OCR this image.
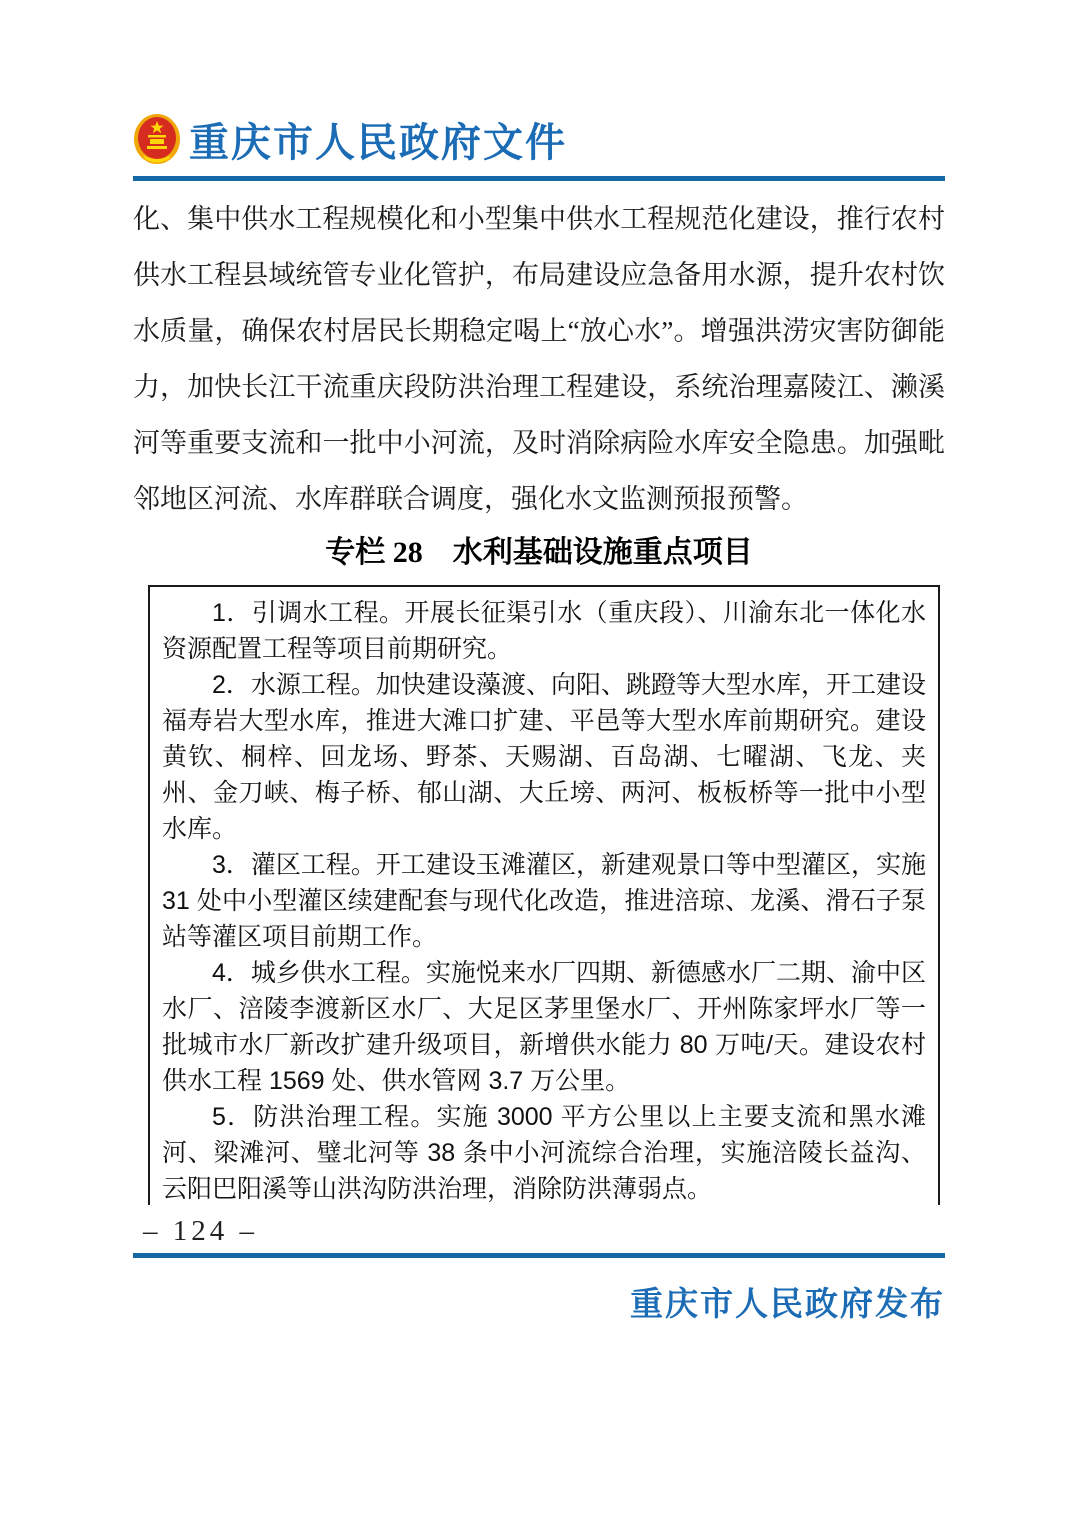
重庆市人民政府文件

化、集中供水工程规模化和小型集中供水工程规范化建设，推行农村供水工程县域统管专业化管护，布局建设应急备用水源，提升农村饮水质量，确保农村居民长期稳定喝上“放心水”。增强洪涝灾害防御能力，加快长江干流重庆段防洪治理工程建设，系统治理嘉陵江、濑溪河等重要支流和一批中小河流，及时消除病险水库安全隐患。加强毗邻地区河流、水库群联合调度，强化水文监测预报预警。

专栏 28　水利基础设施重点项目

1．引调水工程。开展长征渠引水（重庆段）、川渝东北一体化水资源配置工程等项目前期研究。

2．水源工程。加快建设藻渡、向阳、跳蹬等大型水库，开工建设福寿岩大型水库，推进大滩口扩建、平邑等大型水库前期研究。建设黄钦、桐梓、回龙场、野茶、天赐湖、百岛湖、七曜湖、飞龙、夹州、金刀峡、梅子桥、郁山湖、大丘塝、两河、板板桥等一批中小型水库。

3．灌区工程。开工建设玉滩灌区，新建观景口等中型灌区，实施 31 处中小型灌区续建配套与现代化改造，推进涪琼、龙溪、滑石子泵站等灌区项目前期工作。

4．城乡供水工程。实施悦来水厂四期、新德感水厂二期、渝中区水厂、涪陵李渡新区水厂、大足区茅里堡水厂、开州陈家坪水厂等一批城市水厂新改扩建升级项目，新增供水能力 80 万吨/天。建设农村供水工程 1569 处、供水管网 3.7 万公里。

5．防洪治理工程。实施 3000 平方公里以上主要支流和黑水滩河、梁滩河、璧北河等 38 条中小河流综合治理，实施涪陵长益沟、云阳巴阳溪等山洪沟防洪治理，消除防洪薄弱点。

– 124 –
重庆市人民政府发布
